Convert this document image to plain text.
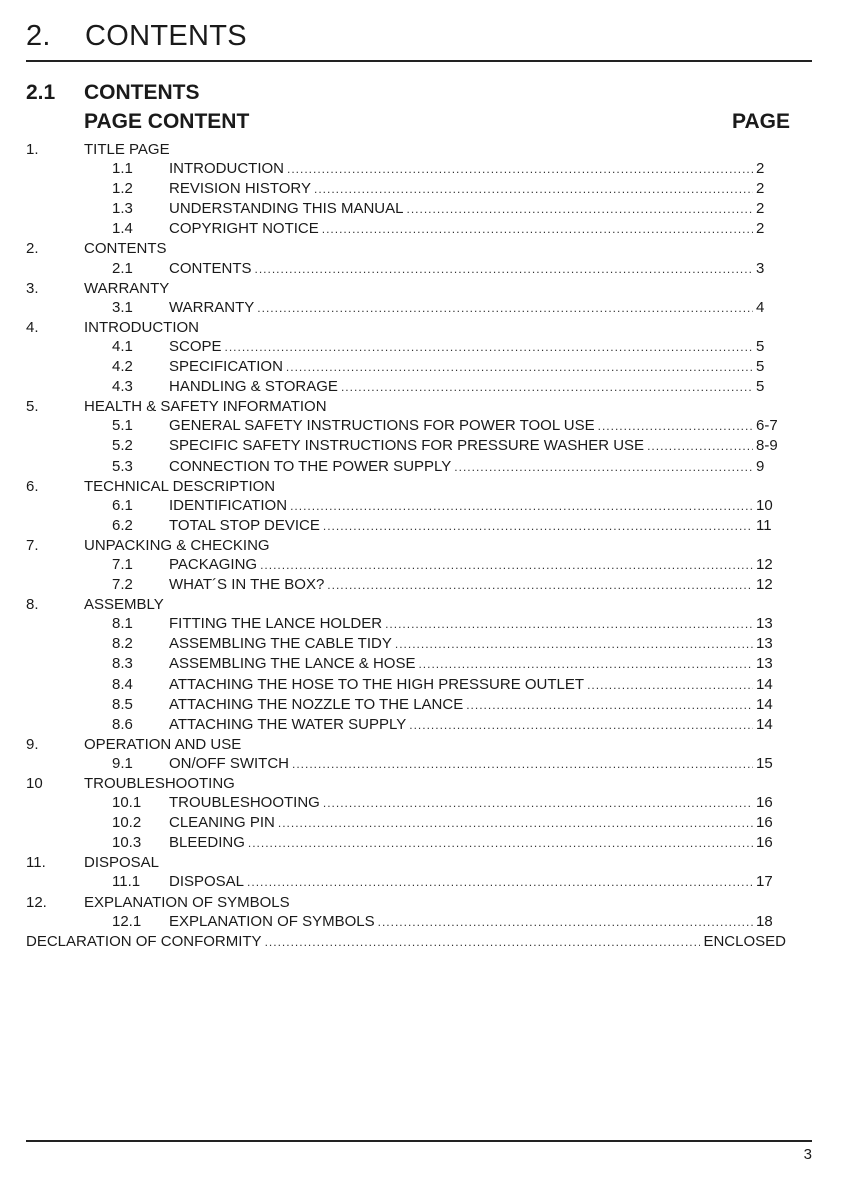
2. CONTENTS
2.1 CONTENTS
PAGE CONTENT	PAGE
1.	TITLE PAGE
1.1	INTRODUCTION .....	2
1.2	REVISION HISTORY .....	2
1.3	UNDERSTANDING THIS MANUAL .....	2
1.4	COPYRIGHT NOTICE .....	2
2.	CONTENTS
2.1	CONTENTS .....	3
3.	WARRANTY
3.1	WARRANTY .....	4
4.	INTRODUCTION
4.1	SCOPE .....	5
4.2	SPECIFICATION .....	5
4.3	HANDLING & STORAGE .....	5
5.	HEALTH & SAFETY INFORMATION
5.1	GENERAL SAFETY INSTRUCTIONS FOR POWER TOOL USE .....	6-7
5.2	SPECIFIC SAFETY INSTRUCTIONS FOR PRESSURE WASHER USE .....	8-9
5.3	CONNECTION TO THE POWER SUPPLY .....	9
6.	TECHNICAL DESCRIPTION
6.1	IDENTIFICATION .....	10
6.2	TOTAL STOP DEVICE .....	11
7.	UNPACKING & CHECKING
7.1	PACKAGING .....	12
7.2	WHAT´S IN THE BOX? .....	12
8.	ASSEMBLY
8.1	FITTING THE LANCE HOLDER .....	13
8.2	ASSEMBLING THE CABLE TIDY .....	13
8.3	ASSEMBLING THE LANCE & HOSE .....	13
8.4	ATTACHING THE HOSE TO THE HIGH PRESSURE OUTLET .....	14
8.5	ATTACHING THE NOZZLE TO THE LANCE .....	14
8.6	ATTACHING THE WATER SUPPLY .....	14
9.	OPERATION AND USE
9.1	ON/OFF SWITCH .....	15
10	TROUBLESHOOTING
10.1	TROUBLESHOOTING .....	16
10.2	CLEANING PIN .....	16
10.3	BLEEDING .....	16
11.	DISPOSAL
11.1	DISPOSAL .....	17
12.	EXPLANATION OF SYMBOLS
12.1	EXPLANATION OF SYMBOLS .....	18
DECLARATION OF CONFORMITY .....	ENCLOSED
3
